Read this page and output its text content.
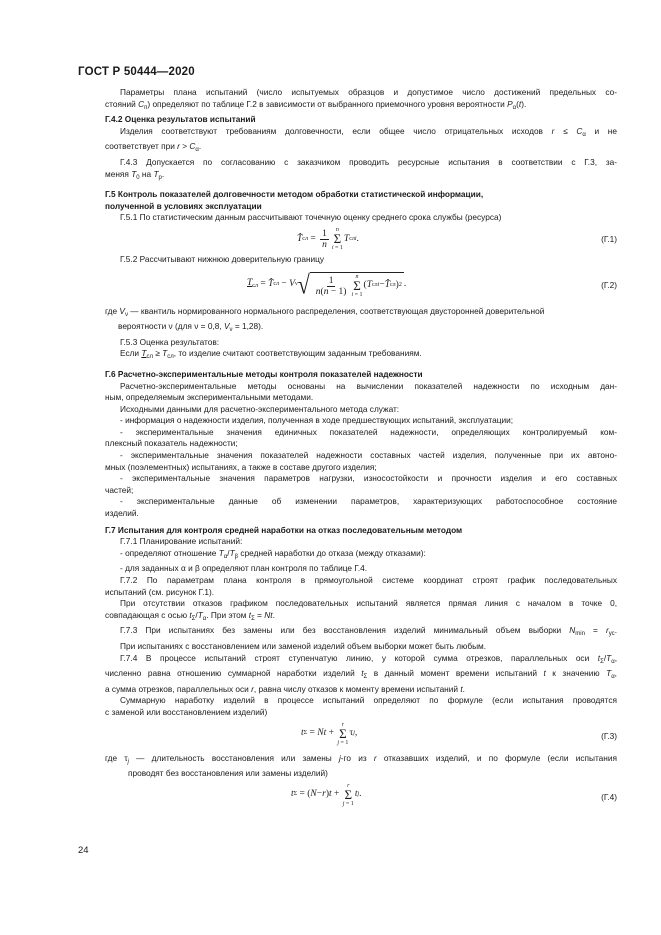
ГОСТ Р 50444—2020

Параметры плана испытаний (число испытуемых образцов и допустимое число достижений предельных со-

стояний $C_п$) определяют по таблице Г.2 в зависимости от выбранного приемочного уровня вероятности $P_\alpha(t)$.

Г.4.2 Оценка результатов испытаний

Изделия соответствуют требованиям долговечности, если общее число отрицательных исходов $r \le C_\alpha$ и не

соответствует при $r > C_\alpha$.

Г.4.3 Допускается по согласованию с заказчиком проводить ресурсные испытания в соответствии с Г.3, за-

меняя $T_0$ на $T_р$.

Г.5 Контроль показателей долговечности методом обработки статистической информации,

полученной в условиях эксплуатации

Г.5.1 По статистическим данным рассчитывают точечную оценку среднего срока службы (ресурса)

T̂ сл = $\frac{1}{n}$ n
Σ
i = 1
T слi .	(Г.1)

Г.5.2 Рассчитывают нижнюю доверительную границу

$T_{сл}$ = T̂ сл − V ν √ $\frac{1}{n(n - 1)}$ n
Σ
i = 1
( T слi − T̂ сл ) 2 .	(Г.2)

где $V_\nu$ — квантиль нормированного нормального распределения, соответствующая двусторонней доверительной

вероятности ν (для ν = 0,8, $V_\nu = 1,28$).

Г.5.3 Оценка результатов:

Если $T_{сл} \ge T_{сл}$, то изделие считают соответствующим заданным требованиям.

Г.6 Расчетно-экспериментальные методы контроля показателей надежности

Расчетно-экспериментальные методы основаны на вычислении показателей надежности по исходным дан-

ным, определяемым экспериментальными методами.

Исходными данными для расчетно-экспериментального метода служат:

- информация о надежности изделия, полученная в ходе предшествующих испытаний, эксплуатации;

- экспериментальные значения единичных показателей надежности, определяющих контролируемый ком-

плексный показатель надежности;

- экспериментальные значения показателей надежности составных частей изделия, полученные при их автоно-

мных (поэлементных) испытаниях, а также в составе другого изделия;

- экспериментальные значения параметров нагрузки, износостойкости и прочности изделия и его составных

частей;

- экспериментальные данные об изменении параметров, характеризующих работоспособное состояние

изделий.

Г.7 Испытания для контроля средней наработки на отказ последовательным методом

Г.7.1 Планирование испытаний:

- определяют отношение $T_\alpha/T_\beta$ средней наработки до отказа (между отказами):

- для заданных α и β определяют план контроля по таблице Г.4.

Г.7.2 По параметрам плана контроля в прямоугольной системе координат строят график последовательных

испытаний (см. рисунок Г.1).

При отсутствии отказов графиком последовательных испытаний является прямая линия с началом в точке 0,

совпадающая с осью $t_\Sigma/T_\alpha$. При этом $t_\Sigma = Nt$.

Г.7.3 При испытаниях без замены или без восстановления изделий минимальный объем выборки $N_{min} = r_{ус}$.

При испытаниях с восстановлением или заменой изделий объем выборки может быть любым.

Г.7.4 В процессе испытаний строят ступенчатую линию, у которой сумма отрезков, параллельных оси $t_\Sigma/T_\alpha$,

численно равна отношению суммарной наработки изделий $t_\Sigma$ в данный момент времени испытаний t к значению $T_\alpha$,

а сумма отрезков, параллельных оси r, равна числу отказов к моменту времени испытаний t.

Суммарную наработку изделий в процессе испытаний определяют по формуле (если испытания проводятся

с заменой или восстановлением изделий)

t Σ = Nt +
r
Σ
j = 1
τ j ,	(Г.3)

где $\tau_j$ — длительность восстановления или замены j-го из r отказавших изделий, и по формуле (если испытания

проводят без восстановления или замены изделий)

t Σ = ( N − r ) t +
r
Σ
j = 1
t j .	(Г.4)
24
